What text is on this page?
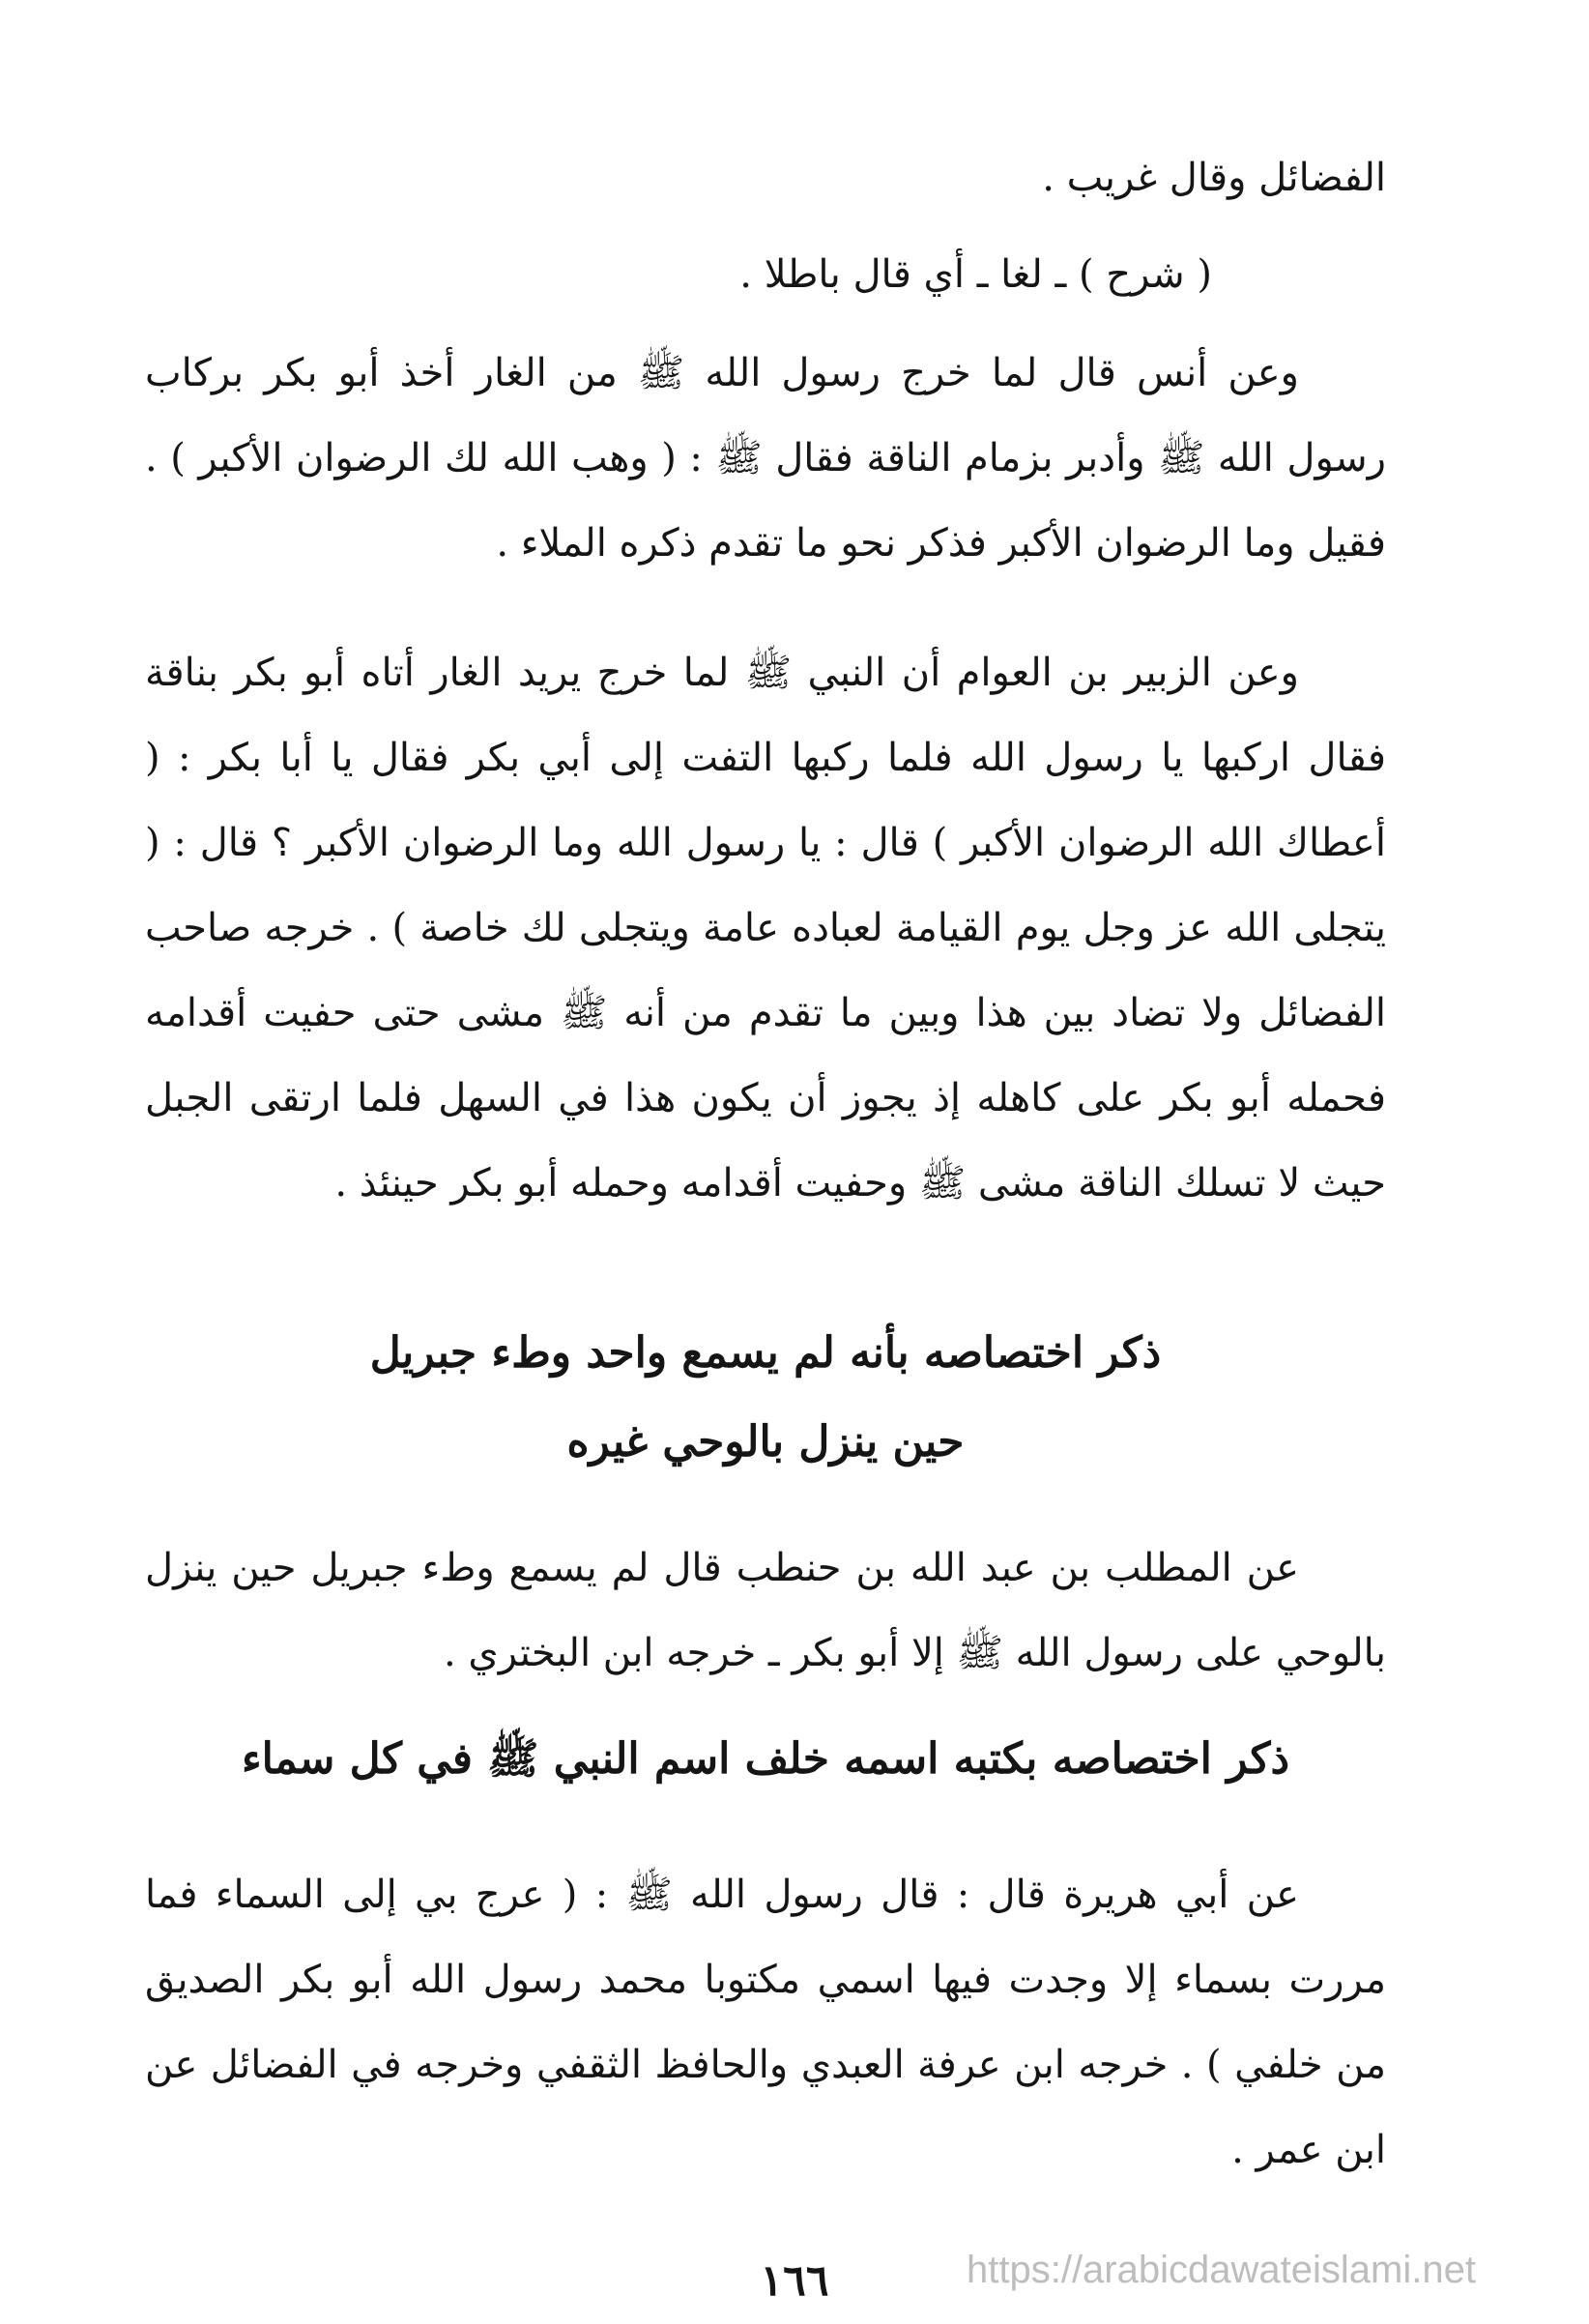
الفضائل وقال غريب .

( شرح ) ـ لغا ـ أي قال باطلا .

وعن أنس قال لما خرج رسول الله ﷺ من الغار أخذ أبو بكر بركاب رسول الله ﷺ وأدبر بزمام الناقة فقال ﷺ : ( وهب الله لك الرضوان الأكبر ) . فقيل وما الرضوان الأكبر فذكر نحو ما تقدم ذكره الملاء .

وعن الزبير بن العوام أن النبي ﷺ لما خرج يريد الغار أتاه أبو بكر بناقة فقال اركبها يا رسول الله فلما ركبها التفت إلى أبي بكر فقال يا أبا بكر : ( أعطاك الله الرضوان الأكبر ) قال : يا رسول الله وما الرضوان الأكبر ؟ قال : ( يتجلى الله عز وجل يوم القيامة لعباده عامة ويتجلى لك خاصة ) . خرجه صاحب الفضائل ولا تضاد بين هذا وبين ما تقدم من أنه ﷺ مشى حتى حفيت أقدامه فحمله أبو بكر على كاهله إذ يجوز أن يكون هذا في السهل فلما ارتقى الجبل حيث لا تسلك الناقة مشى ﷺ وحفيت أقدامه وحمله أبو بكر حينئذ .

ذكر اختصاصه بأنه لم يسمع واحد وطء جبريل
حين ينزل بالوحي غيره

عن المطلب بن عبد الله بن حنطب قال لم يسمع وطء جبريل حين ينزل بالوحي على رسول الله ﷺ إلا أبو بكر ـ خرجه ابن البختري .

ذكر اختصاصه بكتبه اسمه خلف اسم النبي ﷺ في كل سماء

عن أبي هريرة قال : قال رسول الله ﷺ : ( عرج بي إلى السماء فما مررت بسماء إلا وجدت فيها اسمي مكتوبا محمد رسول الله أبو بكر الصديق من خلفي ) . خرجه ابن عرفة العبدي والحافظ الثقفي وخرجه في الفضائل عن ابن عمر .

١٦٦	https://arabicdawateislami.net
